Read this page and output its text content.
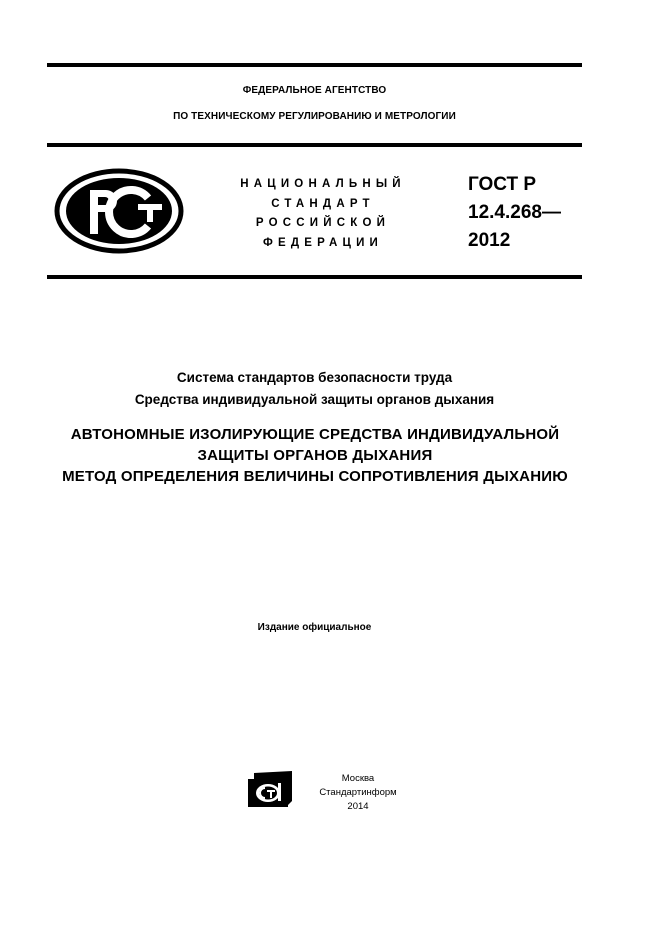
ФЕДЕРАЛЬНОЕ АГЕНТСТВО
ПО ТЕХНИЧЕСКОМУ РЕГУЛИРОВАНИЮ И МЕТРОЛОГИИ
НАЦИОНАЛЬНЫЙ
СТАНДАРТ
РОССИЙСКОЙ
ФЕДЕРАЦИИ
ГОСТ Р
12.4.268—
2012
Система стандартов безопасности труда
Средства индивидуальной защиты органов дыхания
АВТОНОМНЫЕ ИЗОЛИРУЮЩИЕ СРЕДСТВА ИНДИВИДУАЛЬНОЙ
ЗАЩИТЫ ОРГАНОВ ДЫХАНИЯ
МЕТОД ОПРЕДЕЛЕНИЯ ВЕЛИЧИНЫ СОПРОТИВЛЕНИЯ ДЫХАНИЮ
Издание официальное
Москва
Стандартинформ
2014
